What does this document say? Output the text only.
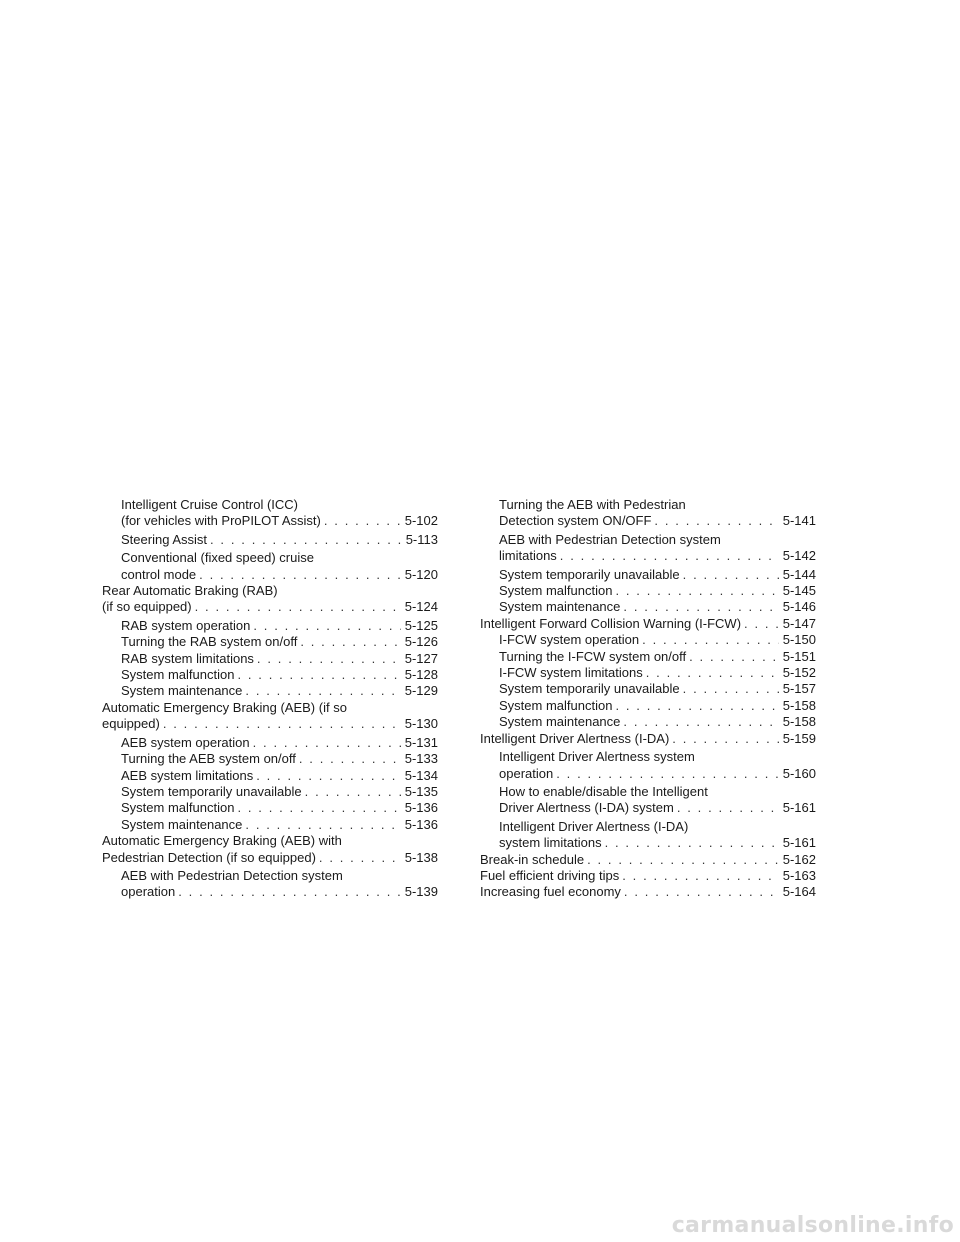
Intelligent Cruise Control (ICC)
(for vehicles with ProPILOT Assist) . . .	5-102
Steering Assist . . .	5-113
Conventional (fixed speed) cruise
control mode . . .	5-120
Rear Automatic Braking (RAB)
(if so equipped) . . .	5-124
RAB system operation . . .	5-125
Turning the RAB system on/off . . .	5-126
RAB system limitations . . .	5-127
System malfunction . . .	5-128
System maintenance . . .	5-129
Automatic Emergency Braking (AEB) (if so
equipped) . . .	5-130
AEB system operation . . .	5-131
Turning the AEB system on/off . . .	5-133
AEB system limitations . . .	5-134
System temporarily unavailable . . .	5-135
System malfunction . . .	5-136
System maintenance . . .	5-136
Automatic Emergency Braking (AEB) with
Pedestrian Detection (if so equipped) . . .	5-138
AEB with Pedestrian Detection system
operation . . .	5-139
Turning the AEB with Pedestrian
Detection system ON/OFF . . .	5-141
AEB with Pedestrian Detection system
limitations . . .	5-142
System temporarily unavailable . . .	5-144
System malfunction . . .	5-145
System maintenance . . .	5-146
Intelligent Forward Collision Warning (I-FCW) . . .	5-147
I-FCW system operation . . .	5-150
Turning the I-FCW system on/off . . .	5-151
I-FCW system limitations . . .	5-152
System temporarily unavailable . . .	5-157
System malfunction . . .	5-158
System maintenance . . .	5-158
Intelligent Driver Alertness (I-DA) . . .	5-159
Intelligent Driver Alertness system
operation . . .	5-160
How to enable/disable the Intelligent
Driver Alertness (I-DA) system . . .	5-161
Intelligent Driver Alertness (I-DA)
system limitations . . .	5-161
Break-in schedule . . .	5-162
Fuel efficient driving tips . . .	5-163
Increasing fuel economy . . .	5-164
carmanualsonline.info
